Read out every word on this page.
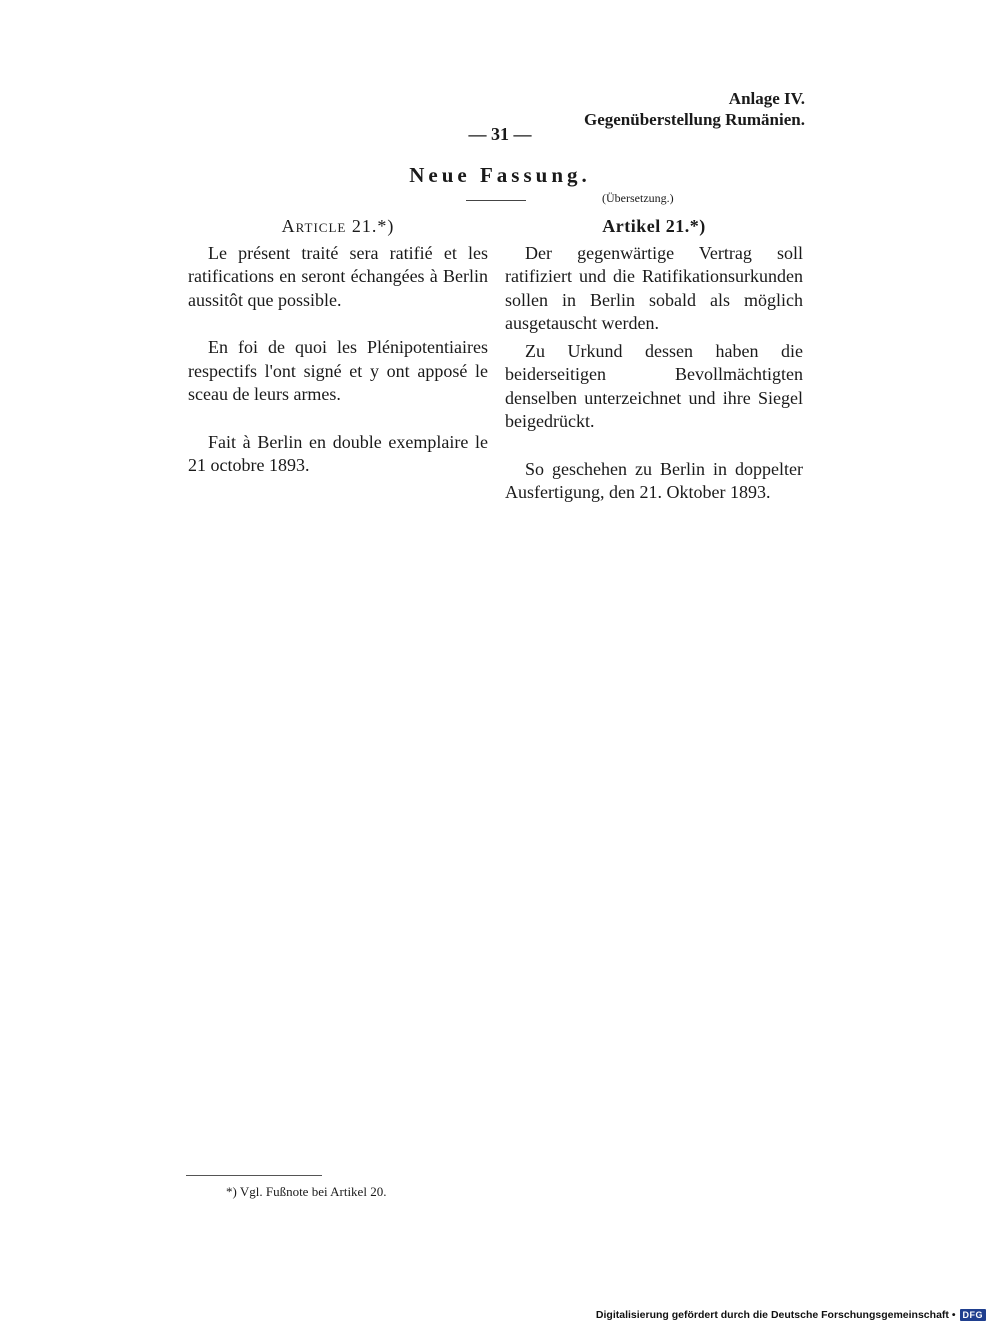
Anlage IV.
Gegenüberstellung Rumänien.
— 31 —
Neue Fassung.
(Übersetzung.)
Article 21.*)

Le présent traité sera ratifié et les ratifications en seront échangées à Berlin aussitôt que possible.

En foi de quoi les Plénipotentiaires respectifs l'ont signé et y ont apposé le sceau de leurs armes.

Fait à Berlin en double exemplaire le 21 octobre 1893.

Artikel 21.*)

Der gegenwärtige Vertrag soll ratifiziert und die Ratifikationsurkunden sollen in Berlin sobald als möglich ausgetauscht werden.

Zu Urkund dessen haben die beiderseitigen Bevollmächtigten denselben unterzeichnet und ihre Siegel beigedrückt.

So geschehen zu Berlin in doppelter Ausfertigung, den 21. Oktober 1893.

*) Vgl. Fußnote bei Artikel 20.
Digitalisierung gefördert durch die Deutsche Forschungsgemeinschaft • DFG
